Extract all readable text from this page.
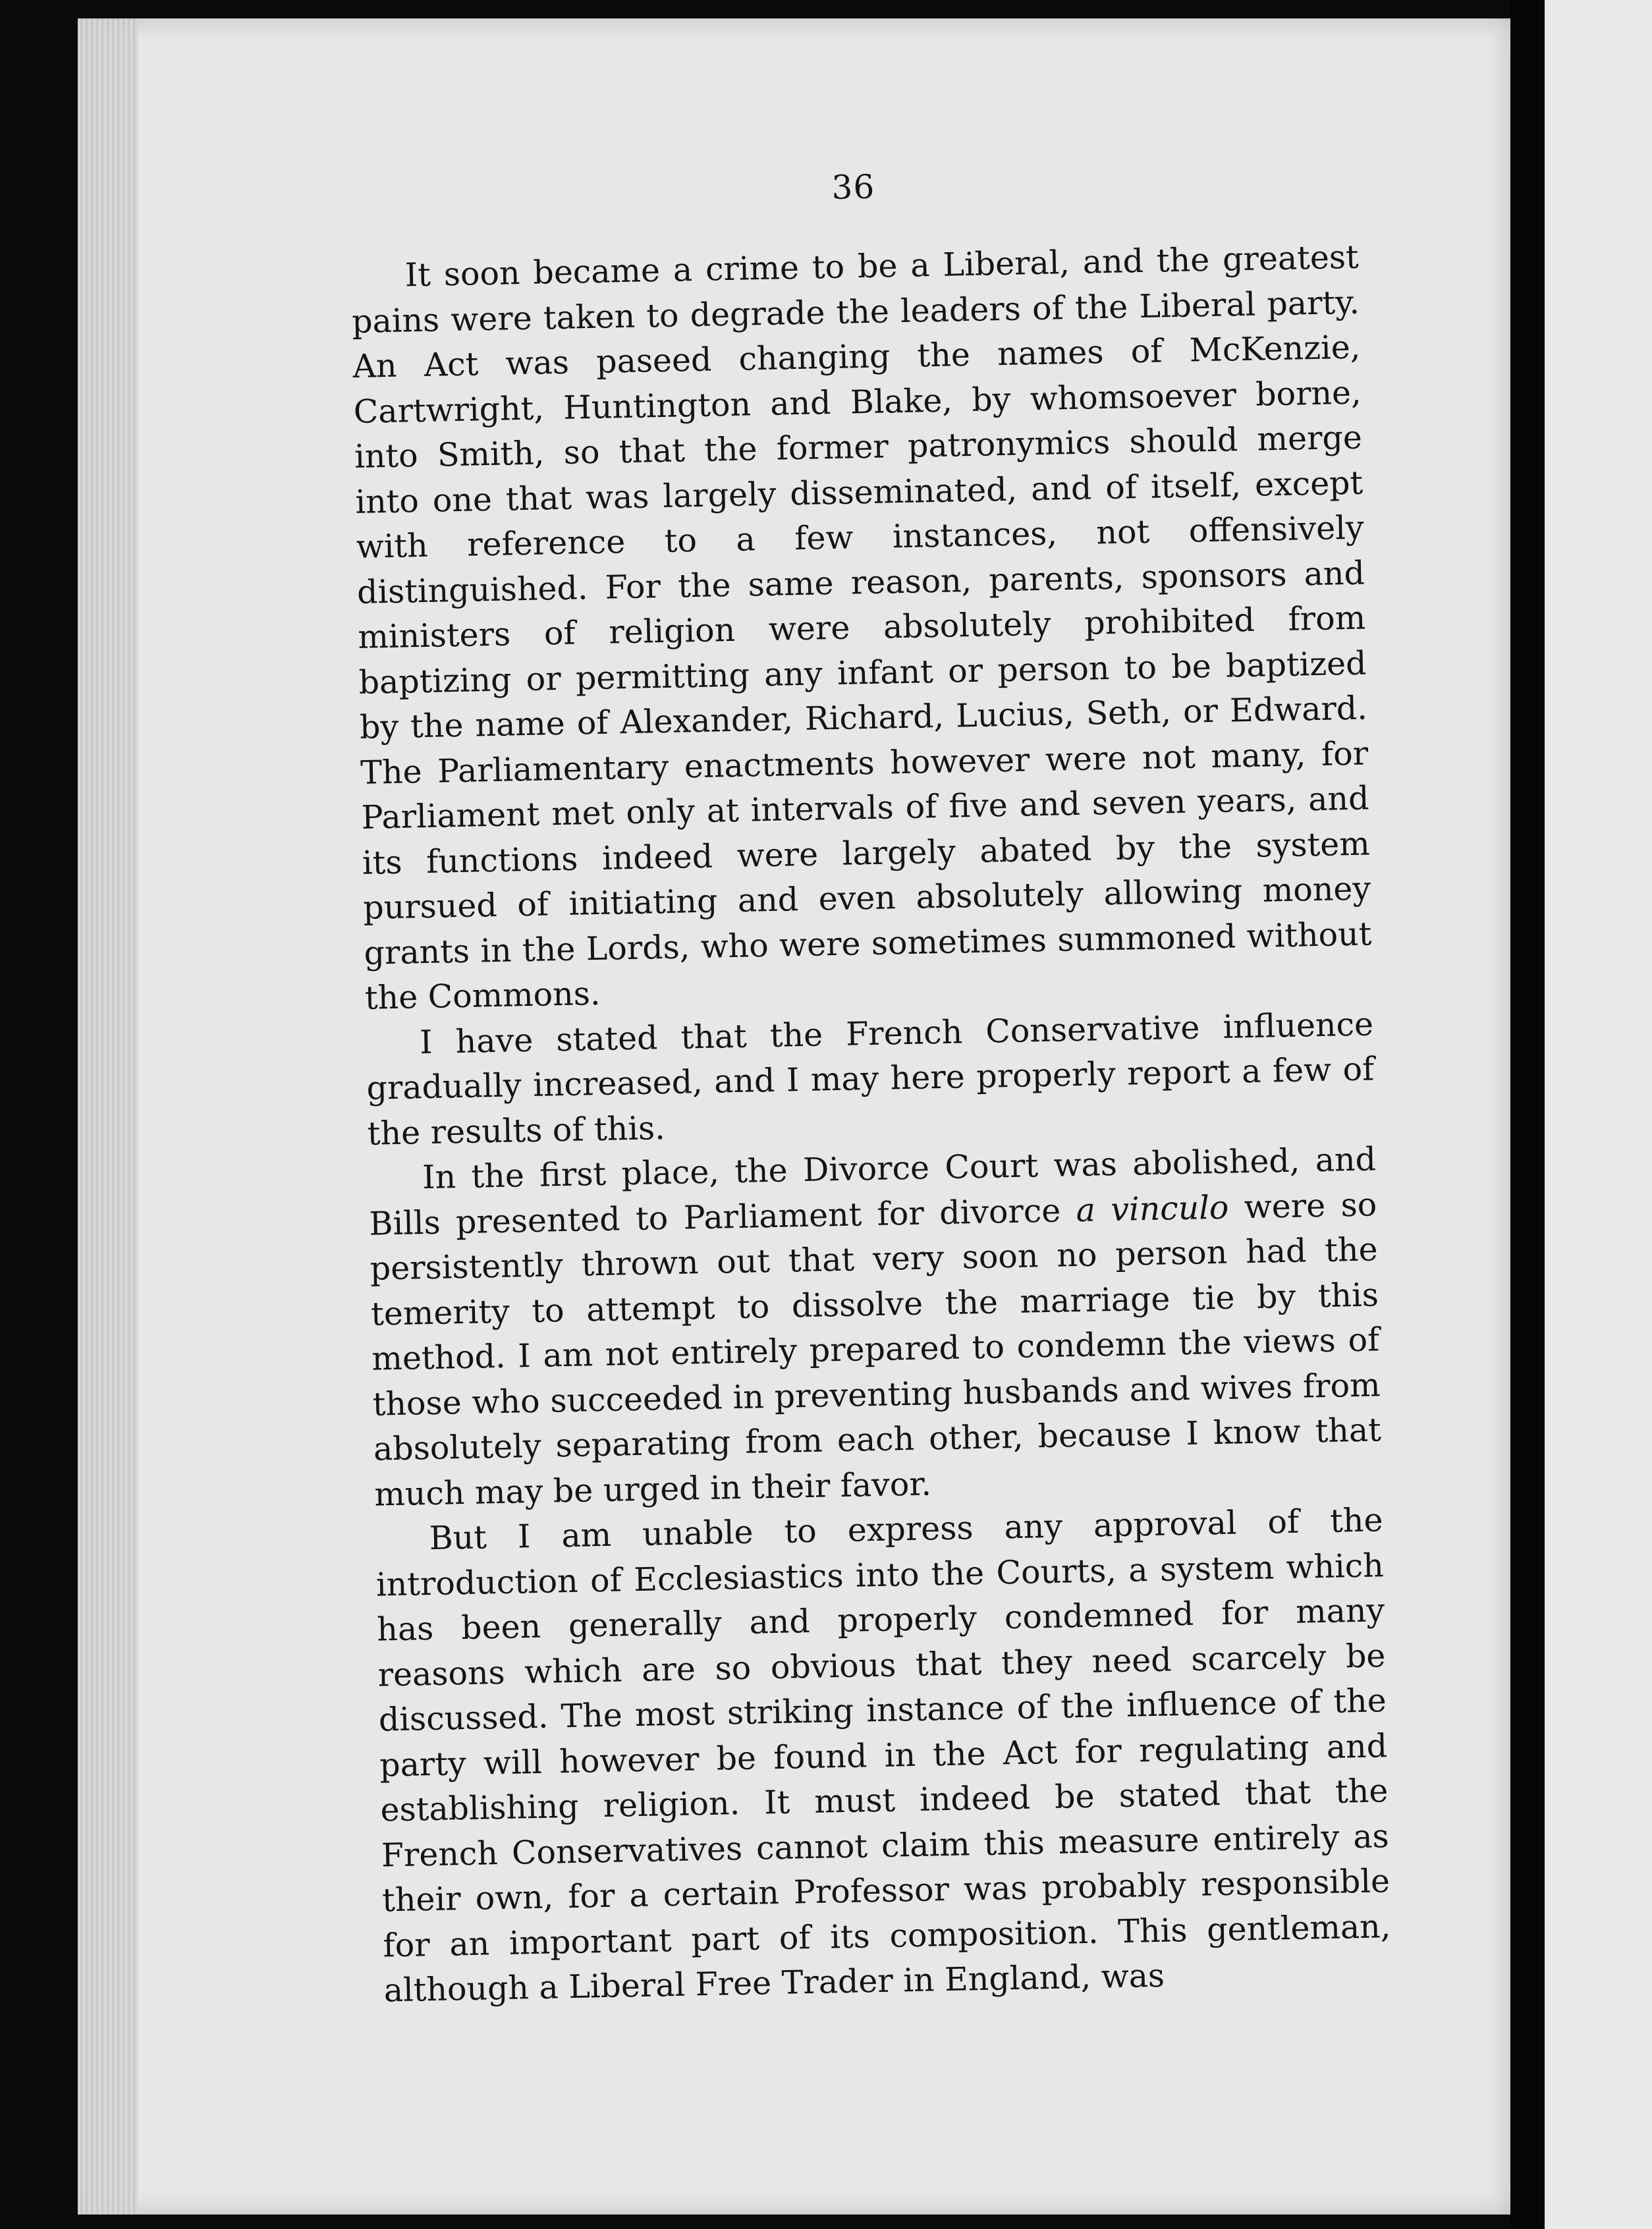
36

It soon became a crime to be a Liberal, and the greatest pains were taken to degrade the leaders of the Liberal party. An Act was paseed changing the names of McKenzie, Cartwright, Huntington and Blake, by whomsoever borne, into Smith, so that the former patronymics should merge into one that was largely disseminated, and of itself, except with reference to a few instances, not offensively distinguished. For the same reason, parents, sponsors and ministers of religion were absolutely prohibited from baptizing or permitting any infant or person to be baptized by the name of Alexander, Richard, Lucius, Seth, or Edward. The Parliamentary enactments however were not many, for Parliament met only at intervals of five and seven years, and its functions indeed were largely abated by the system pursued of initiating and even absolutely allowing money grants in the Lords, who were sometimes summoned without the Commons.

I have stated that the French Conservative influence gradually increased, and I may here properly report a few of the results of this.

In the first place, the Divorce Court was abolished, and Bills presented to Parliament for divorce a vinculo were so persistently thrown out that very soon no person had the temerity to attempt to dissolve the marriage tie by this method. I am not entirely prepared to condemn the views of those who succeeded in preventing husbands and wives from absolutely separating from each other, because I know that much may be urged in their favor.

But I am unable to express any approval of the introduction of Ecclesiastics into the Courts, a system which has been generally and properly condemned for many reasons which are so obvious that they need scarcely be discussed. The most striking instance of the influence of the party will however be found in the Act for regulating and establishing religion. It must indeed be stated that the French Conservatives cannot claim this measure entirely as their own, for a certain Professor was probably responsible for an important part of its composition. This gentleman, although a Liberal Free Trader in England, was
